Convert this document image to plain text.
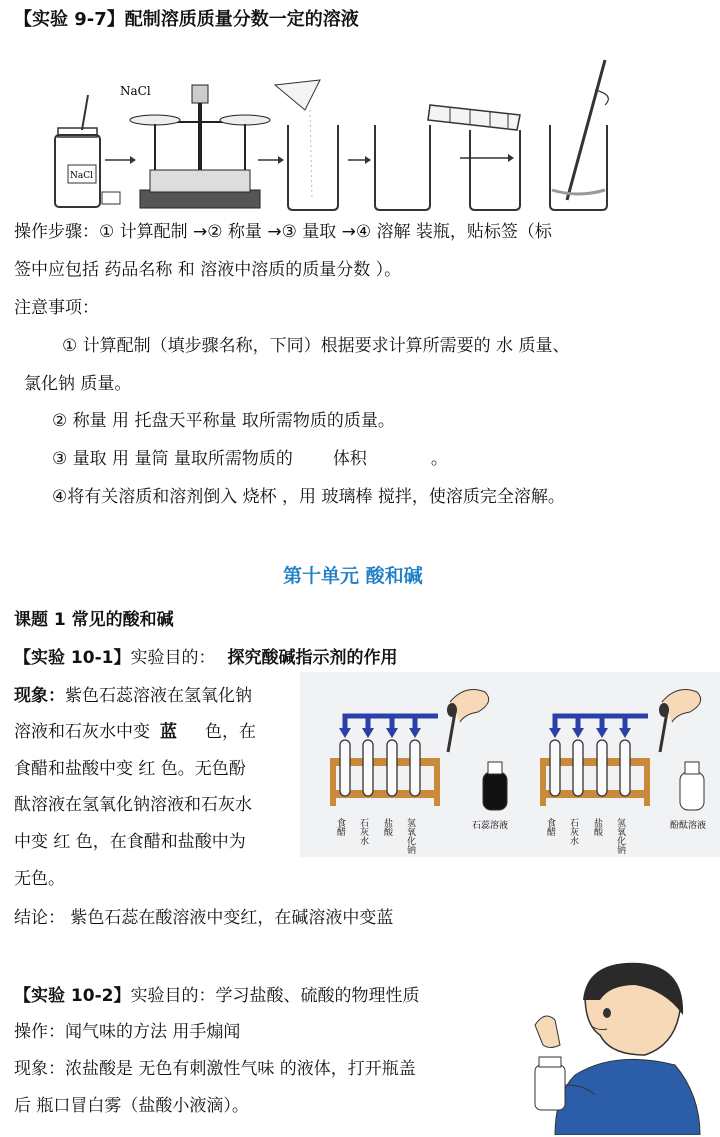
【实验 9-7】配制溶质质量分数一定的溶液
NaCl
NaCl
操作步骤：① 计算配制 →② 称量 →③ 量取 →④ 溶解 装瓶，贴标签（标
签中应包括 药品名称 和 溶液中溶质的质量分数 ）。
注意事项：
① 计算配制（填步骤名称，下同）根据要求计算所需要的 水 质量、
氯化钠 质量。
② 称量 用 托盘天平称量 取所需物质的质量。
③ 量取 用 量筒 量取所需物质的 体积	。
④将有关溶质和溶剂倒入 烧杯 ，用 玻璃棒 搅拌，使溶质完全溶解。
第十单元 酸和碱
课题 1 常见的酸和碱
【实验 10-1】实验目的： 探究酸碱指示剂的作用
现象：紫色石蕊溶液在氢氧化钠
溶液和石灰水中变 蓝 色，在
食醋和盐酸中变 红 色。无色酚
酞溶液在氢氧化钠溶液和石灰水
中变 红 色，在食醋和盐酸中为
无色。
食醋 石灰水 盐酸 氢氧化钠	石蕊溶液	食醋 石灰水 盐酸 氢氧化钠	酚酞溶液
结论： 紫色石蕊在酸溶液中变红，在碱溶液中变蓝
【实验 10-2】实验目的：学习盐酸、硫酸的物理性质
操作：闻气味的方法 用手煽闻
现象：浓盐酸是 无色有刺激性气味 的液体，打开瓶盖
后 瓶口冒白雾（盐酸小液滴）。
